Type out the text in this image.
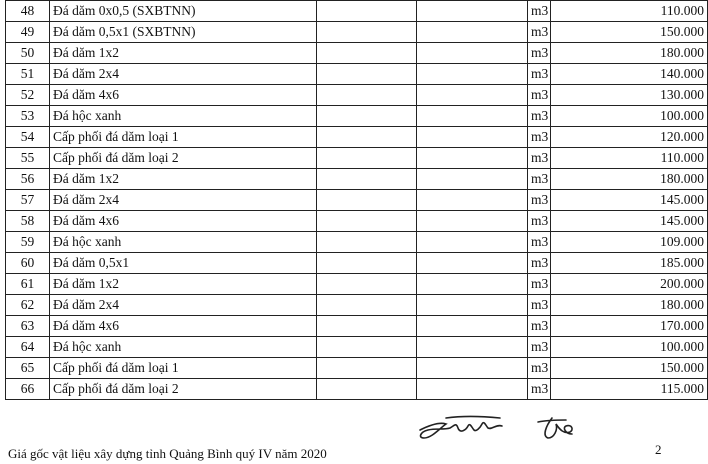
48	Đá dăm 0x0,5 (SXBTNN)			m3	110.000	

49	Đá dăm 0,5x1 (SXBTNN)			m3	150.000	
50	Đá dăm 1x2			m3	180.000	
51	Đá dăm 2x4			m3	140.000	
52	Đá dăm 4x6			m3	130.000	
53	Đá hộc xanh			m3	100.000	
54	Cấp phối đá dăm loại 1			m3	120.000	
55	Cấp phối đá dăm loại 2			m3	110.000	
56	Đá dăm 1x2			m3	180.000	

57	Đá dăm 2x4			m3	145.000	
58	Đá dăm 4x6			m3	145.000	
59	Đá hộc xanh			m3	109.000	
60	Đá dăm 0,5x1			m3	185.000	

61	Đá dăm 1x2			m3	200.000	
62	Đá dăm 2x4			m3	180.000	
63	Đá dăm 4x6			m3	170.000	
64	Đá hộc xanh			m3	100.000	
65	Cấp phối đá dăm loại 1			m3	150.000	
66	Cấp phối đá dăm loại 2			m3	115.000	
Giá gốc vật liệu xây dựng tỉnh Quảng Bình quý IV năm 2020	2
